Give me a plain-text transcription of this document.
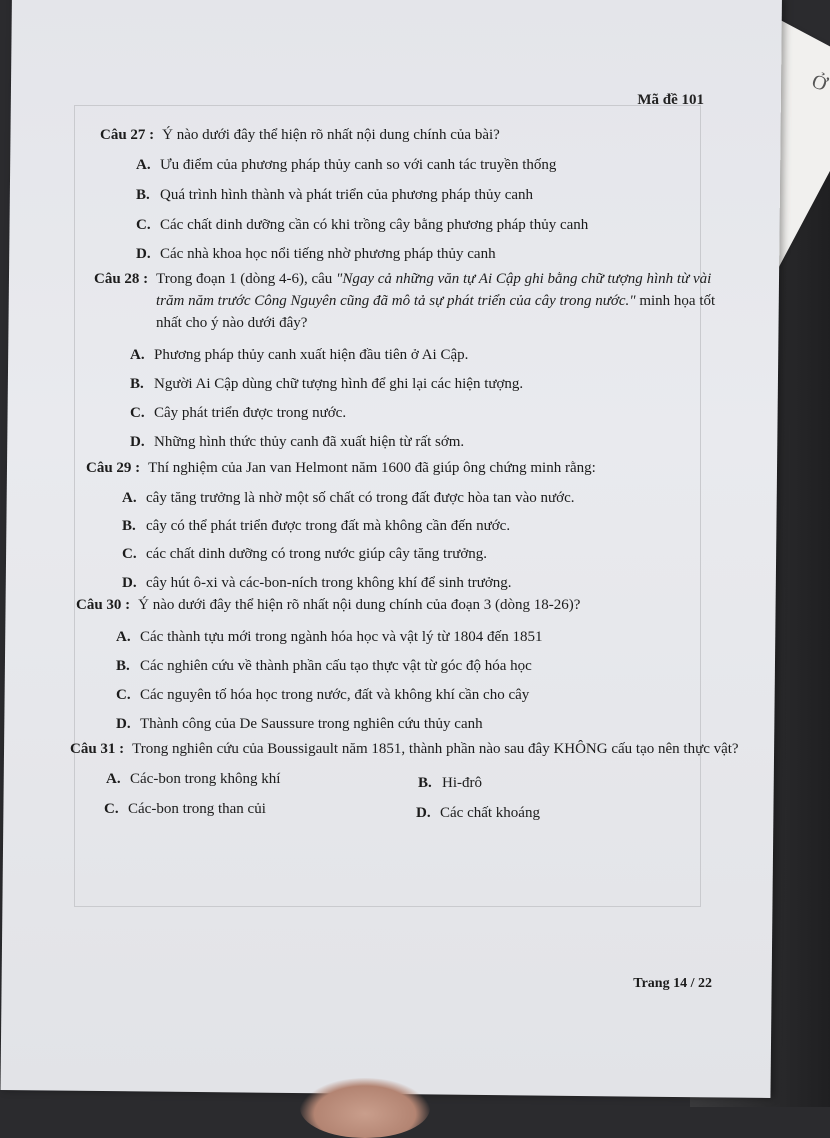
Ở
Mã đề 101
Câu 27 : Ý nào dưới đây thể hiện rõ nhất nội dung chính của bài?
A. Ưu điểm của phương pháp thủy canh so với canh tác truyền thống
B. Quá trình hình thành và phát triển của phương pháp thủy canh
C. Các chất dinh dưỡng cần có khi trồng cây bằng phương pháp thủy canh
D. Các nhà khoa học nổi tiếng nhờ phương pháp thủy canh
Câu 28 : Trong đoạn 1 (dòng 4-6), câu "Ngay cả những văn tự Ai Cập ghi bằng chữ tượng hình từ vài
trăm năm trước Công Nguyên cũng đã mô tả sự phát triển của cây trong nước." minh họa tốt
nhất cho ý nào dưới đây?
A. Phương pháp thủy canh xuất hiện đầu tiên ở Ai Cập.
B. Người Ai Cập dùng chữ tượng hình để ghi lại các hiện tượng.
C. Cây phát triển được trong nước.
D. Những hình thức thủy canh đã xuất hiện từ rất sớm.
Câu 29 : Thí nghiệm của Jan van Helmont năm 1600 đã giúp ông chứng minh rằng:
A. cây tăng trưởng là nhờ một số chất có trong đất được hòa tan vào nước.
B. cây có thể phát triển được trong đất mà không cần đến nước.
C. các chất dinh dưỡng có trong nước giúp cây tăng trưởng.
D. cây hút ô-xi và các-bon-ních trong không khí để sinh trưởng.
Câu 30 : Ý nào dưới đây thể hiện rõ nhất nội dung chính của đoạn 3 (dòng 18-26)?
A. Các thành tựu mới trong ngành hóa học và vật lý từ 1804 đến 1851
B. Các nghiên cứu về thành phần cấu tạo thực vật từ góc độ hóa học
C. Các nguyên tố hóa học trong nước, đất và không khí cần cho cây
D. Thành công của De Saussure trong nghiên cứu thủy canh
Câu 31 : Trong nghiên cứu của Boussigault năm 1851, thành phần nào sau đây KHÔNG cấu tạo nên thực vật?
A. Các-bon trong không khí	B. Hi-đrô
C. Các-bon trong than củi	D. Các chất khoáng
Trang 14 / 22
